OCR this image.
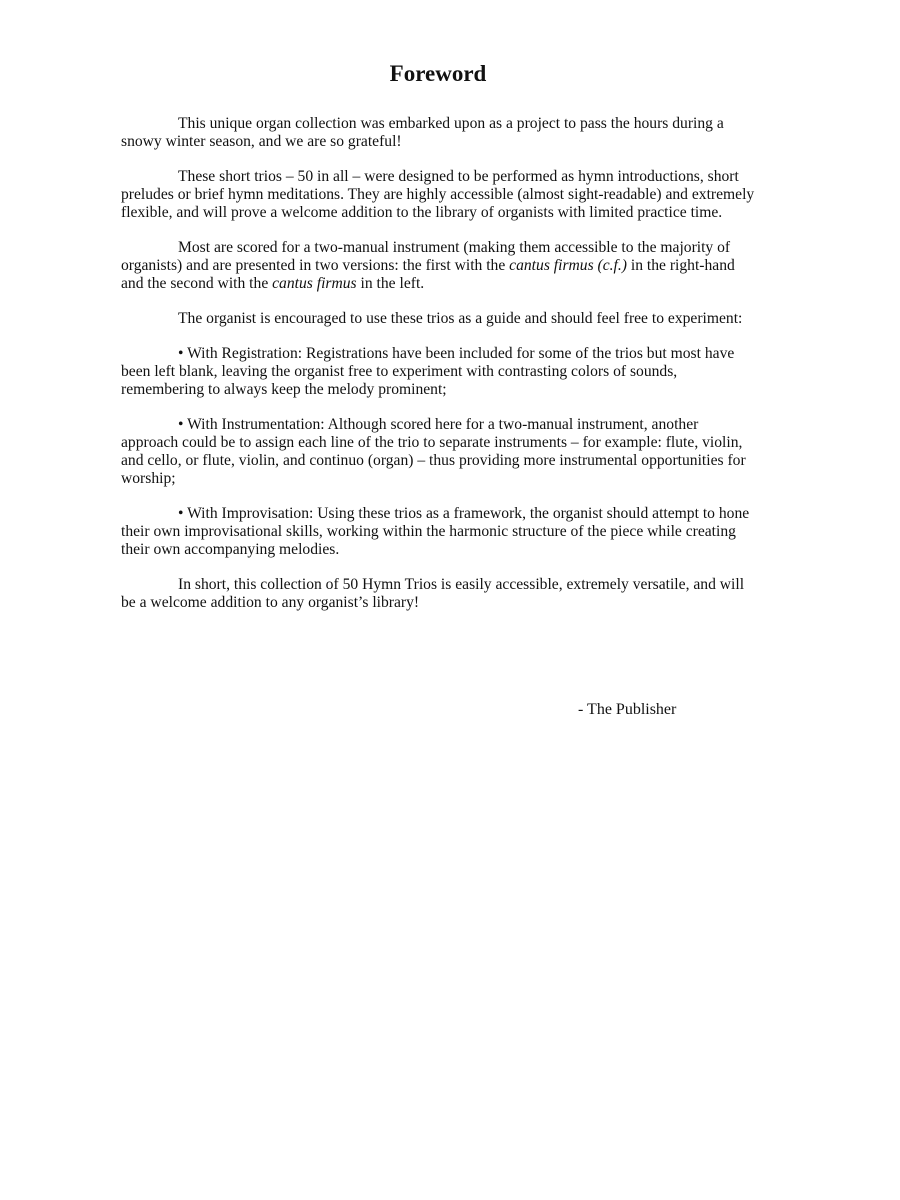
Foreword

This unique organ collection was embarked upon as a project to pass the hours during a snowy winter season, and we are so grateful!

These short trios – 50 in all – were designed to be performed as hymn introductions, short preludes or brief hymn meditations. They are highly accessible (almost sight-readable) and extremely flexible, and will prove a welcome addition to the library of organists with limited practice time.

Most are scored for a two-manual instrument (making them accessible to the majority of organists) and are presented in two versions: the first with the cantus firmus (c.f.) in the right-hand and the second with the cantus firmus in the left.

The organist is encouraged to use these trios as a guide and should feel free to experiment:

• With Registration: Registrations have been included for some of the trios but most have been left blank, leaving the organist free to experiment with contrasting colors of sounds, remembering to always keep the melody prominent;

• With Instrumentation: Although scored here for a two-manual instrument, another approach could be to assign each line of the trio to separate instruments – for example: flute, violin, and cello, or flute, violin, and continuo (organ) – thus providing more instrumental opportunities for worship;

• With Improvisation: Using these trios as a framework, the organist should attempt to hone their own improvisational skills, working within the harmonic structure of the piece while creating their own accompanying melodies.

In short, this collection of 50 Hymn Trios is easily accessible, extremely versatile, and will be a welcome addition to any organist’s library!

- The Publisher
